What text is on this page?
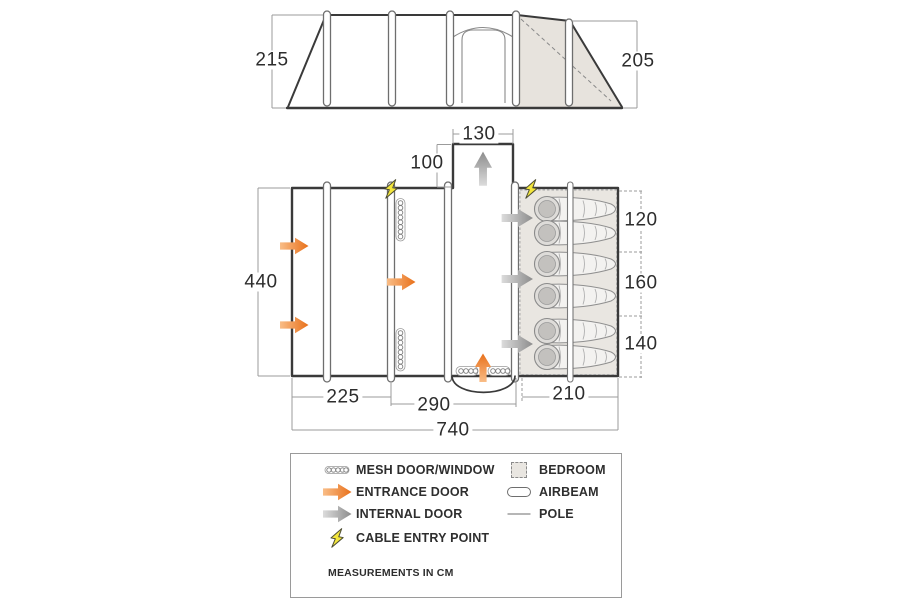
215	205
130
100
440
120
160
140
225	290
210
740
MESH DOOR/WINDOW
ENTRANCE DOOR
INTERNAL DOOR
CABLE ENTRY POINT
MEASUREMENTS IN CM
BEDROOM
AIRBEAM
POLE
